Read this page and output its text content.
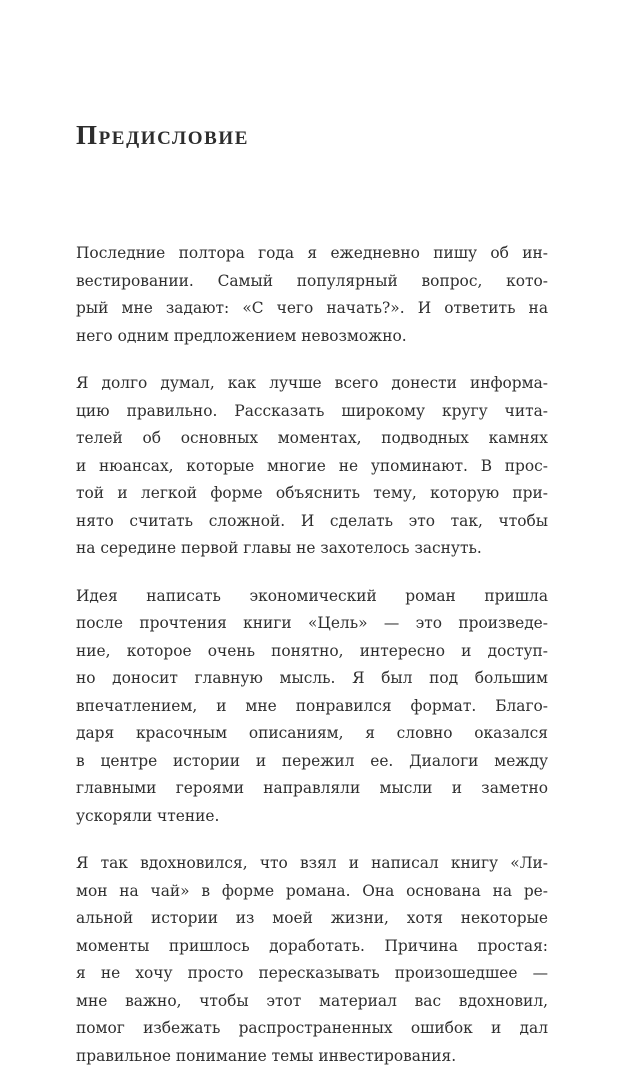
Предисловие
Последние полтора года я ежедневно пишу об ин-
вестировании. Самый популярный вопрос, кото-
рый мне задают: «С чего начать?». И ответить на
него одним предложением невозможно.
Я долго думал, как лучше всего донести информа-
цию правильно. Рассказать широкому кругу чита-
телей об основных моментах, подводных камнях
и нюансах, которые многие не упоминают. В прос-
той и легкой форме объяснить тему, которую при-
нято считать сложной. И сделать это так, чтобы
на середине первой главы не захотелось заснуть.
Идея написать экономический роман пришла
после прочтения книги «Цель» — это произведе-
ние, которое очень понятно, интересно и доступ-
но доносит главную мысль. Я был под большим
впечатлением, и мне понравился формат. Благо-
даря красочным описаниям, я словно оказался
в центре истории и пережил ее. Диалоги между
главными героями направляли мысли и заметно
ускоряли чтение.
Я так вдохновился, что взял и написал книгу «Ли-
мон на чай» в форме романа. Она основана на ре-
альной истории из моей жизни, хотя некоторые
моменты пришлось доработать. Причина простая:
я не хочу просто пересказывать произошедшее —
мне важно, чтобы этот материал вас вдохновил,
помог избежать распространенных ошибок и дал
правильное понимание темы инвестирования.
